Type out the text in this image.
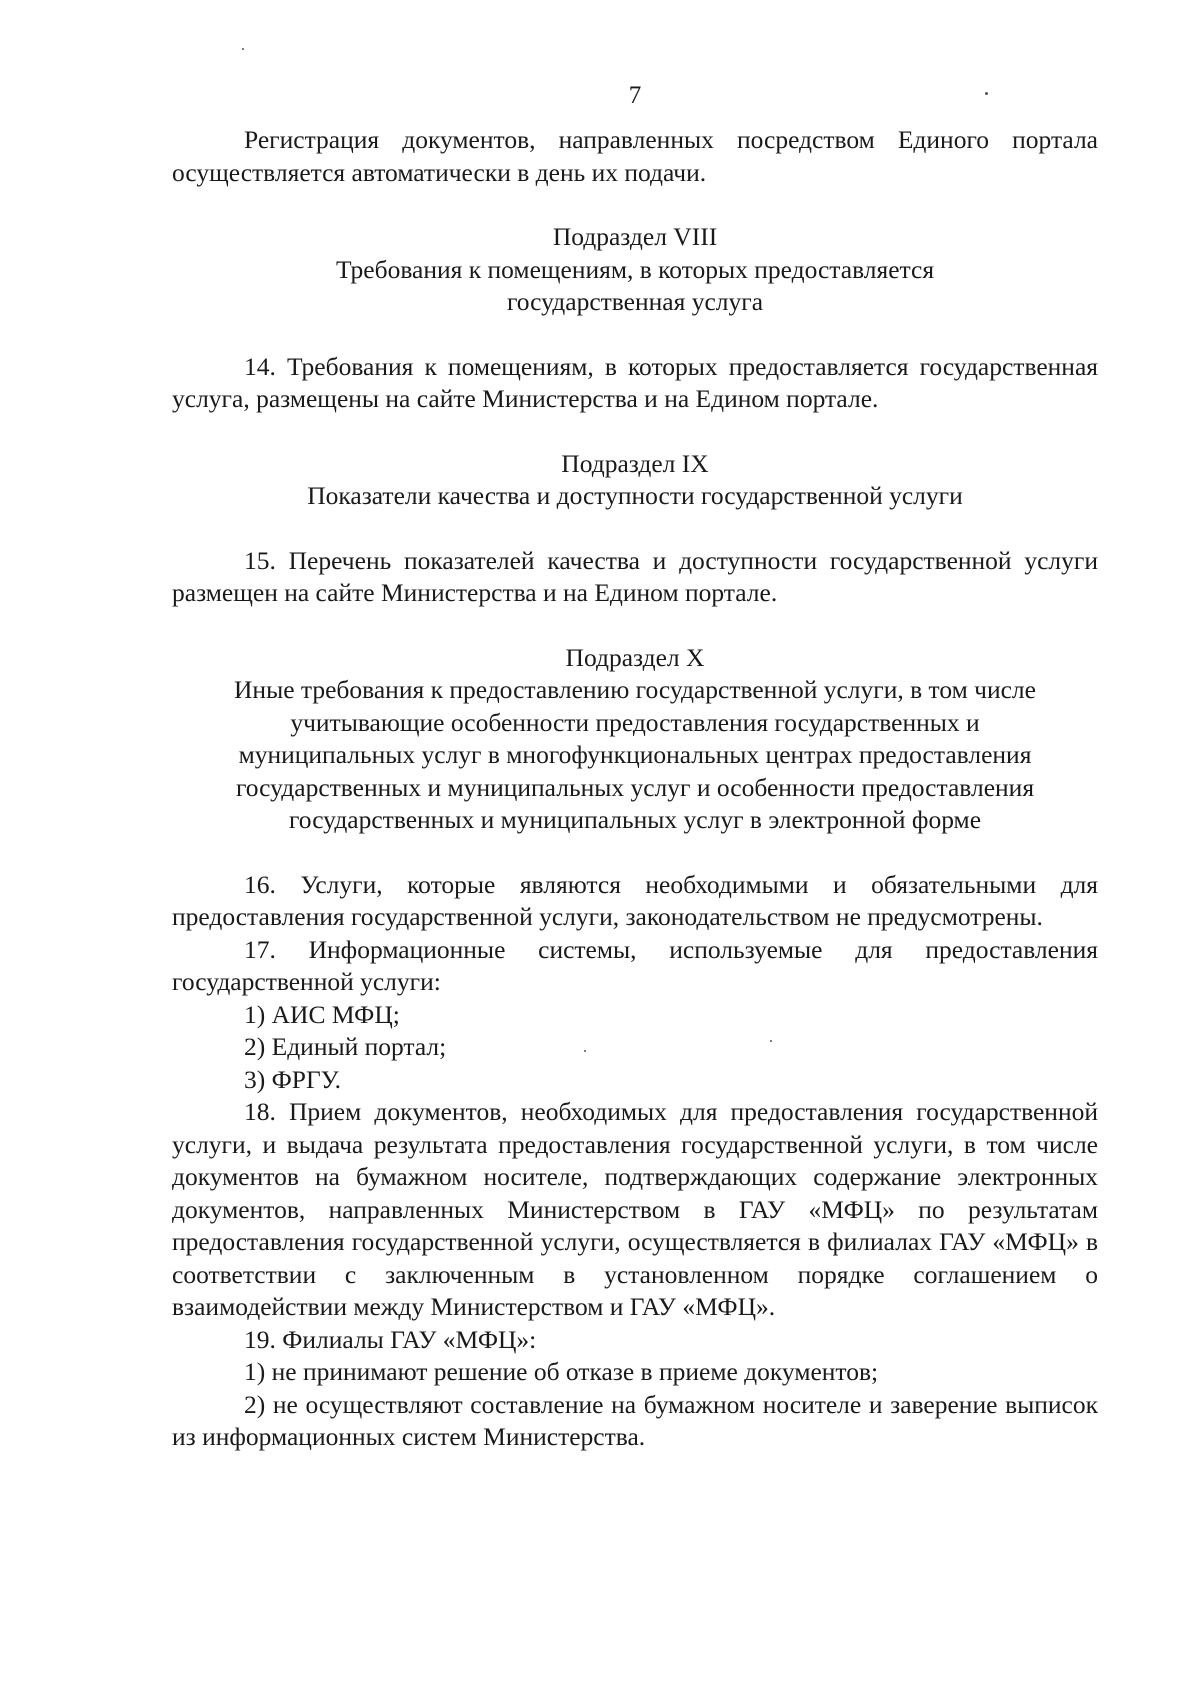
7

Регистрация документов, направленных посредством Единого портала осуществляется автоматически в день их подачи.

Подраздел VIII
Требования к помещениям, в которых предоставляется
государственная услуга

14. Требования к помещениям, в которых предоставляется государственная услуга, размещены на сайте Министерства и на Едином портале.

Подраздел IX
Показатели качества и доступности государственной услуги

15. Перечень показателей качества и доступности государственной услуги размещен на сайте Министерства и на Едином портале.

Подраздел X
Иные требования к предоставлению государственной услуги, в том числе
учитывающие особенности предоставления государственных и
муниципальных услуг в многофункциональных центрах предоставления
государственных и муниципальных услуг и особенности предоставления
государственных и муниципальных услуг в электронной форме

16. Услуги, которые являются необходимыми и обязательными для предоставления государственной услуги, законодательством не предусмотрены.

17. Информационные системы, используемые для предоставления государственной услуги:

1) АИС МФЦ;

2) Единый портал;

3) ФРГУ.

18. Прием документов, необходимых для предоставления государственной услуги, и выдача результата предоставления государственной услуги, в том числе документов на бумажном носителе, подтверждающих содержание электронных документов, направленных Министерством в ГАУ «МФЦ» по результатам предоставления государственной услуги, осуществляется в филиалах ГАУ «МФЦ» в соответствии с заключенным в установленном порядке соглашением о взаимодействии между Министерством и ГАУ «МФЦ».

19. Филиалы ГАУ «МФЦ»:

1) не принимают решение об отказе в приеме документов;

2) не осуществляют составление на бумажном носителе и заверение выписок из информационных систем Министерства.
